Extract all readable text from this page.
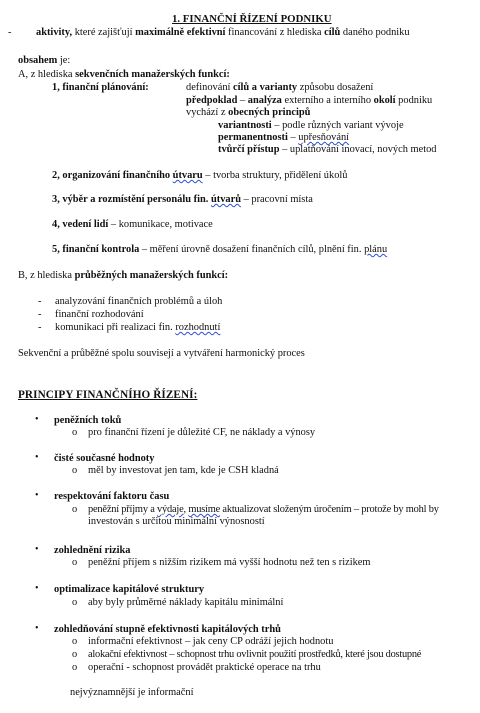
1. FINANČNÍ ŘÍZENÍ PODNIKU
- aktivity, které zajišťují maximálně efektivní financování z hlediska cílů daného podniku
obsahem je:
A, z hlediska sekvenčních manažerských funkcí:
1, finanční plánování:	definování cílů a varianty způsobu dosažení
předpoklad – analýza externího a interního okolí podniku
vychází z obecných principů
variantnosti – podle různých variant vývoje
permanentnosti – upřesňování
tvůrčí přístup – uplatňování inovací, nových metod
2, organizování finančního útvaru – tvorba struktury, přidělení úkolů
3, výběr a rozmístění personálu fin. útvarů – pracovní místa
4, vedení lidí – komunikace, motivace
5, finanční kontrola – měření úrovně dosažení finančních cílů, plnění fin. plánu
B, z hlediska průběžných manažerských funkcí:
- analyzování finančních problémů a úloh
- finanční rozhodování
- komunikaci při realizaci fin. rozhodnutí
Sekvenční a průběžné spolu souvisejí a vytváření harmonický proces
PRINCIPY FINANČNÍHO ŘÍZENÍ:
• peněžních toků
o pro finanční řízení je důležité CF, ne náklady a výnosy
• čisté současné hodnoty
o měl by investovat jen tam, kde je CSH kladná
• respektování faktoru času
o peněžní příjmy a výdaje, musíme aktualizovat složeným úročením – protože by mohl by
investován s určitou minimální výnosností
• zohlednění rizika
o peněžní příjem s nižším rizikem má vyšší hodnotu než ten s rizikem
• optimalizace kapitálové struktury
o aby byly průměrné náklady kapitálu minimální
• zohledňování stupně efektivnosti kapitálových trhů
o informační efektivnost – jak ceny CP odráží jejich hodnotu
o alokační efektivnost – schopnost trhu ovlivnit použití prostředků, které jsou dostupné
o operační - schopnost provádět praktické operace na trhu
nejvýznamnější je informační
